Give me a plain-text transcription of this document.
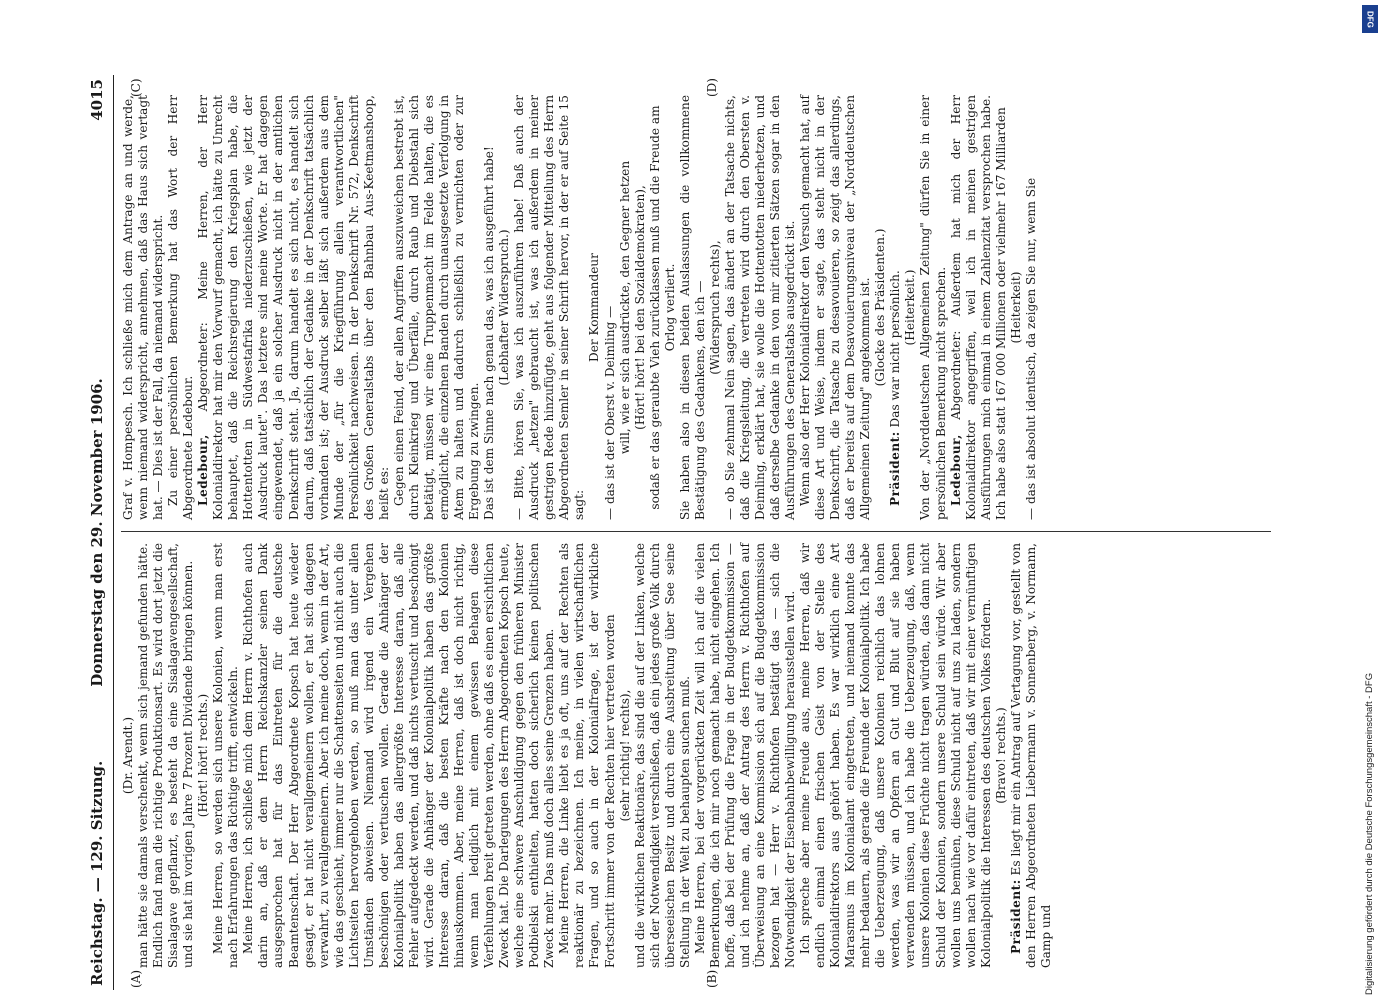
Reichstag. — 129. Sitzung.
Donnerstag den 29. November 1906.
4015
(A)	(B)
(C)	(D)

(Dr. Arendt.) man hätte sie damals verschenkt, wenn sich jemand gefunden hätte. Endlich fand man die richtige Produktionsart. Es wird dort jetzt die Sisalagave gepflanzt, es besteht da eine Sisalagavengesellschaft, und sie hat im vorigen Jahre 7 Prozent Dividende bringen können. (Hört! hört! rechts.) Meine Herren, so werden sich unsere Kolonien, wenn man erst nach Erfahrungen das Richtige trifft, entwickeln. Meine Herren, ich schließe mich dem Herrn v. Richthofen auch darin an, daß er dem Herrn Reichskanzler seinen Dank ausgesprochen hat für das Eintreten für die deutsche Beamtenschaft. Der Herr Abgeordnete Kopsch hat heute wieder gesagt, er hat nicht verallgemeinern wollen, er hat sich dagegen verwahrt, zu verallgemeinern. Aber ich meine doch, wenn in der Art, wie das geschieht, immer nur die Schattenseiten und nicht auch die Lichtseiten hervorgehoben werden, so muß man das unter allen Umständen abweisen. Niemand wird irgend ein Vergehen beschönigen oder vertuschen wollen. Gerade die Anhänger der Kolonialpolitik haben das allergrößte Interesse daran, daß alle Fehler aufgedeckt werden, und daß nichts vertuscht und beschönigt wird. Gerade die Anhänger der Kolonialpolitik haben das größte Interesse daran, daß die besten Kräfte nach den Kolonien hinauskommen. Aber, meine Herren, daß ist doch nicht richtig, wenn man lediglich mit einem gewissen Behagen diese Verfehlungen breit getreten werden, ohne daß es einen ersichtlichen Zweck hat. Die Darlegungen des Herrn Abgeordneten Kopsch heute, welche eine schwere Anschuldigung gegen den früheren Minister Podbielski enthielten, hatten doch sicherlich keinen politischen Zweck mehr. Das muß doch alles seine Grenzen haben. Meine Herren, die Linke liebt es ja oft, uns auf der Rechten als reaktionär zu bezeichnen. Ich meine, in vielen wirtschaftlichen Fragen, und so auch in der Kolonialfrage, ist der wirkliche Fortschritt immer von der Rechten hier vertreten worden (sehr richtig! rechts), und die wirklichen Reaktionäre, das sind die auf der Linken, welche sich der Notwendigkeit verschließen, daß ein jedes große Volk durch überseeischen Besitz und durch eine Ausbreitung über See seine Stellung in der Welt zu behaupten suchen muß. Meine Herren, bei der vorgerückten Zeit will ich auf die vielen Bemerkungen, die ich mir noch gemacht habe, nicht eingehen. Ich hoffe, daß bei der Prüfung die Frage in der Budgetkommission — und ich nehme an, daß der Antrag des Herrn v. Richthofen auf Überweisung an eine Kommission sich auf die Budgetkommission bezogen hat — Herr v. Richthofen bestätigt das — sich die Notwendigkeit der Eisenbahnbewilligung herausstellen wird. Ich spreche aber meine Freude aus, meine Herren, daß wir endlich einmal einen frischen Geist von der Stelle des Kolonialdirektors aus gehört haben. Es war wirklich eine Art Marasmus im Kolonialamt eingetreten, und niemand konnte das mehr bedauern, als gerade die Freunde der Kolonialpolitik. Ich habe die Ueberzeugung, daß unsere Kolonien reichlich das lohnen werden, was wir an Opfern an Gut und Blut auf sie haben verwenden müssen, und ich habe die Ueberzeugung, daß, wenn unsere Kolonien diese Früchte nicht tragen würden, das dann nicht Schuld der Kolonien, sondern unsere Schuld sein würde. Wir aber wollen uns bemühen, diese Schuld nicht auf uns zu laden, sondern wollen nach wie vor dafür eintreten, daß wir mit einer vernünftigen Kolonialpolitik die Interessen des deutschen Volkes fördern. (Bravo! rechts.)

Präsident: Es liegt mir ein Antrag auf Vertagung vor, gestellt von den Herren Abgeordneten Liebermann v. Sonnenberg, v. Normann, Gamp und

Graf v. Hompesch. Ich schließe mich dem Antrage an und werde, wenn niemand widerspricht, annehmen, daß das Haus sich vertagt hat. — Dies ist der Fall, da niemand widerspricht. Zu einer persönlichen Bemerkung hat das Wort der Herr Abgeordnete Ledebour. Ledebour, Abgeordneter: Meine Herren, der Herr Kolonialdirektor hat mir den Vorwurf gemacht, ich hätte zu Unrecht behauptet, daß die Reichsregierung den Kriegsplan habe, die Hottentotten in Südwestafrika niederzuschießen, wie jetzt der Ausdruck lautet". Das letztere sind meine Worte. Er hat dagegen eingewendet, daß ja ein solcher Ausdruck nicht in der amtlichen Denkschrift steht. Ja, darum handelt es sich nicht, es handelt sich darum, daß tatsächlich der Gedanke in der Denkschrift tatsächlich vorhanden ist; der Ausdruck selber läßt sich außerdem aus dem Munde der „für die Kriegführung allein verantwortlichen" Persönlichkeit nachweisen. In der Denkschrift Nr. 572, Denkschrift des Großen Generalstabs über den Bahnbau Aus-Keetmanshoop, heißt es: Gegen einen Feind, der allen Angriffen auszuweichen bestrebt ist, durch Kleinkrieg und Überfälle, durch Raub und Diebstahl sich betätigt, müssen wir eine Truppenmacht im Felde halten, die es ermöglicht, die einzelnen Banden durch unausgesetzte Verfolgung in Atem zu halten und dadurch schließlich zu vernichten oder zur Ergebung zu zwingen. Das ist dem Sinne nach genau das, was ich ausgeführt habe! (Lebhafter Widerspruch.) — Bitte, hören Sie, was ich auszuführen habe! Daß auch der Ausdruck „hetzen" gebraucht ist, was ich außerdem in meiner gestrigen Rede hinzufügte, geht aus folgender Mitteilung des Herrn Abgeordneten Semler in seiner Schrift hervor, in der er auf Seite 15 sagt:

Der Kommandeur — das ist der Oberst v. Deimling — will, wie er sich ausdrückte, den Gegner hetzen (Hört! hört! bei den Sozialdemokraten), sodaß er das geraubte Vieh zurücklassen muß und die Freude am Orlog verliert. Sie haben also in diesen beiden Auslassungen die vollkommene Bestätigung des Gedankens, den ich — (Widerspruch rechts), — ob Sie zehnmal Nein sagen, das ändert an der Tatsache nichts, daß die Kriegsleitung, die vertreten wird durch den Obersten v. Deimling, erklärt hat, sie wolle die Hottentotten niederhetzen, und daß derselbe Gedanke in den von mir zitierten Sätzen sogar in den Ausführungen des Generalstabs ausgedrückt ist. Wenn also der Herr Kolonialdirektor den Versuch gemacht hat, auf diese Art und Weise, indem er sagte, das steht nicht in der Denkschrift, die Tatsache zu desavouieren, so zeigt das allerdings, daß er bereits auf dem Desavouierungsniveau der „Norddeutschen Allgemeinen Zeitung" angekommen ist. (Glocke des Präsidenten.)

Präsident: Das war nicht persönlich. (Heiterkeit.) Von der „Norddeutschen Allgemeinen Zeitung" dürfen Sie in einer persönlichen Bemerkung nicht sprechen. Ledebour, Abgeordneter: Außerdem hat mich der Herr Kolonialdirektor angegriffen, weil ich in meinen gestrigen Ausführungen mich einmal in einem Zahlenzitat versprochen habe. Ich habe also statt 167 000 Millionen oder vielmehr 167 Milliarden (Heiterkeit) — das ist absolut identisch, da zeigen Sie nur, wenn Sie

DFG
Digitalisierung gefördert durch die Deutsche Forschungsgemeinschaft - DFG
